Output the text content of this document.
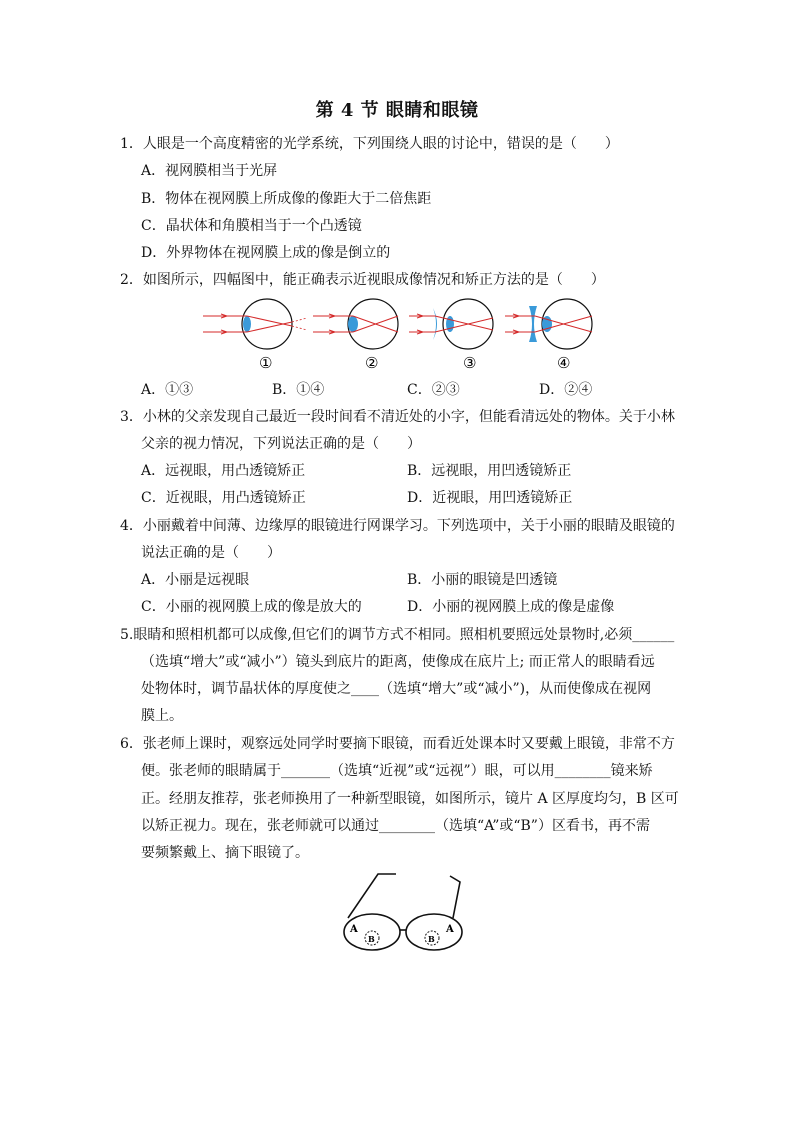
第 4 节 眼睛和眼镜
1．人眼是一个高度精密的光学系统，下列围绕人眼的讨论中，错误的是（　　）
A．视网膜相当于光屏
B．物体在视网膜上所成像的像距大于二倍焦距
C．晶状体和角膜相当于一个凸透镜
D．外界物体在视网膜上成的像是倒立的
2．如图所示，四幅图中，能正确表示近视眼成像情况和矫正方法的是（　　）
①	②	③	④
A．①③	B．①④	C．②③	D．②④
3．小林的父亲发现自己最近一段时间看不清近处的小字，但能看清远处的物体。关于小林
父亲的视力情况，下列说法正确的是（　　）
A．远视眼，用凸透镜矫正	B．远视眼，用凹透镜矫正
C．近视眼，用凸透镜矫正	D．近视眼，用凹透镜矫正
4．小丽戴着中间薄、边缘厚的眼镜进行网课学习。下列选项中，关于小丽的眼睛及眼镜的
说法正确的是（　　）
A．小丽是远视眼	B．小丽的眼镜是凹透镜
C．小丽的视网膜上成的像是放大的	D．小丽的视网膜上成的像是虚像
5.眼睛和照相机都可以成像,但它们的调节方式不相同。照相机要照远处景物时,必须______
（选填“增大”或“减小”）镜头到底片的距离，使像成在底片上; 而正常人的眼睛看远
处物体时，调节晶状体的厚度使之____（选填“增大”或“减小”)，从而使像成在视网
膜上。
6．张老师上课时，观察远处同学时要摘下眼镜，而看近处课本时又要戴上眼镜，非常不方
便。张老师的眼睛属于_______（选填“近视”或“远视”）眼，可以用________镜来矫
正。经朋友推荐，张老师换用了一种新型眼镜，如图所示，镜片 A 区厚度均匀，B 区可
以矫正视力。现在，张老师就可以通过________（选填“A”或“B”）区看书，再不需
要频繁戴上、摘下眼镜了。
A
B	B
A
